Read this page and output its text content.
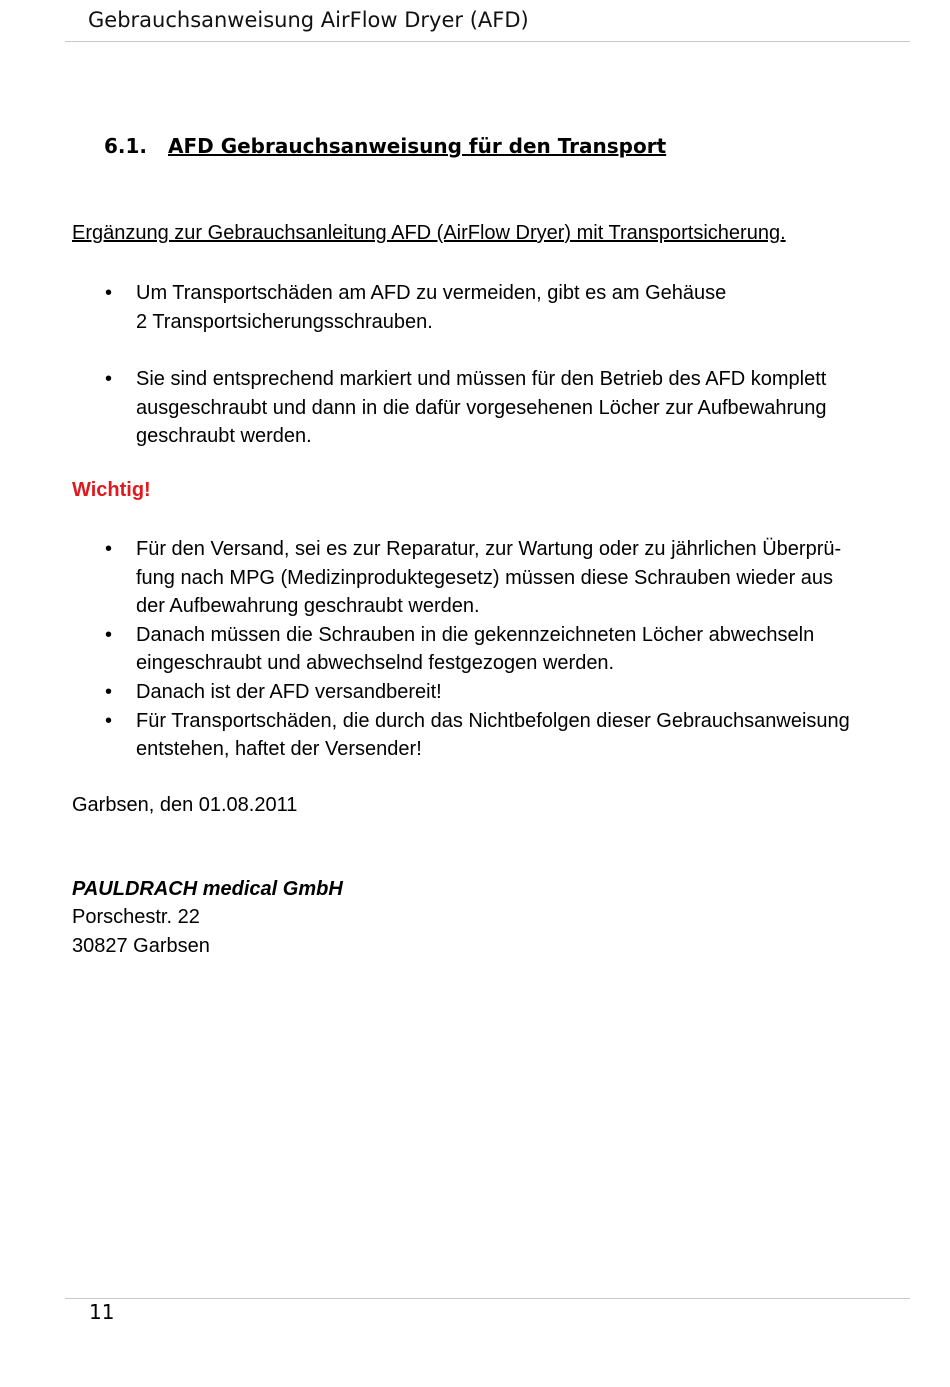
Gebrauchsanweisung AirFlow Dryer (AFD)
6.1. AFD Gebrauchsanweisung für den Transport
Ergänzung zur Gebrauchsanleitung AFD (AirFlow Dryer) mit Transportsicherung.
• Um Transportschäden am AFD zu vermeiden, gibt es am Gehäuse
2 Transportsicherungsschrauben.
• Sie sind entsprechend markiert und müssen für den Betrieb des AFD komplett
ausgeschraubt und dann in die dafür vorgesehenen Löcher zur Aufbewahrung
geschraubt werden.
Wichtig!
• Für den Versand, sei es zur Reparatur, zur Wartung oder zu jährlichen Überprü-
fung nach MPG (Medizinproduktegesetz) müssen diese Schrauben wieder aus
der Aufbewahrung geschraubt werden.
• Danach müssen die Schrauben in die gekennzeichneten Löcher abwechseln
eingeschraubt und abwechselnd festgezogen werden.
• Danach ist der AFD versandbereit!
• Für Transportschäden, die durch das Nichtbefolgen dieser Gebrauchsanweisung
entstehen, haftet der Versender!
Garbsen, den 01.08.2011
PAULDRACH medical GmbH
Porschestr. 22
30827 Garbsen
11
